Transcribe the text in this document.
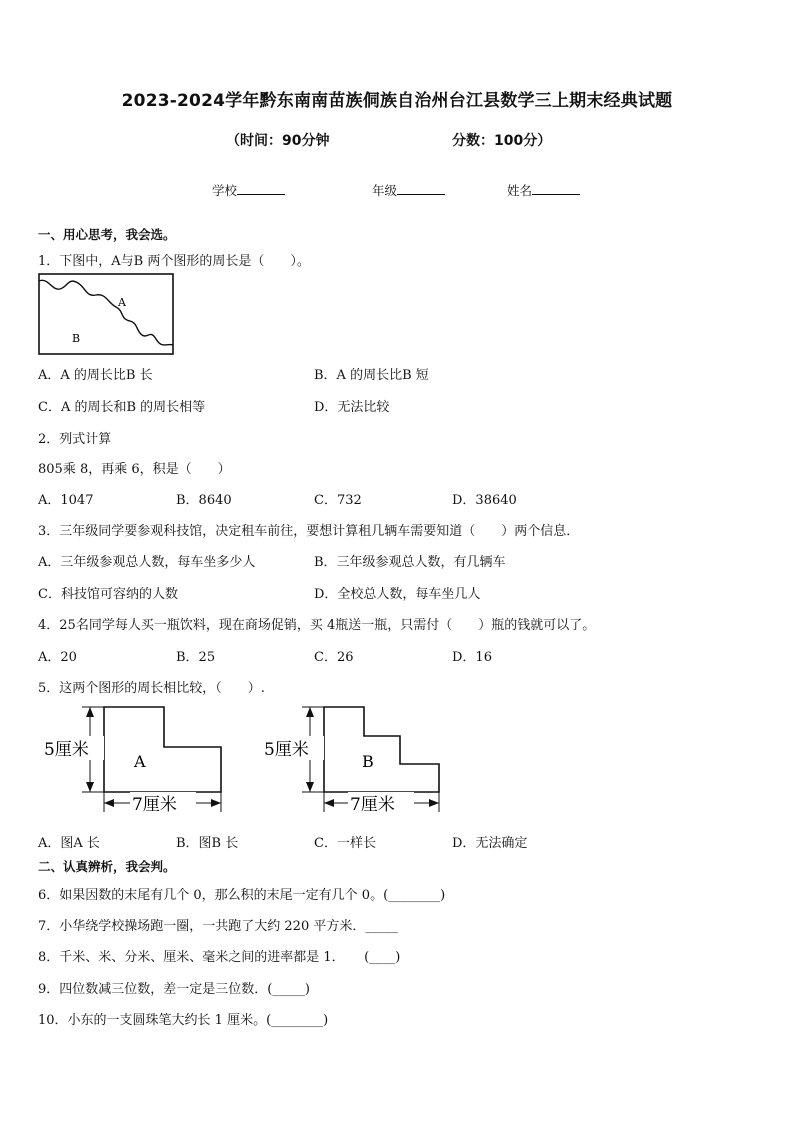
2023-2024学年黔东南南苗族侗族自治州台江县数学三上期末经典试题
（时间：90分钟	分数：100分）
学校	年级	姓名
一、用心思考，我会选。
1．下图中，A与B 两个图形的周长是（　　）。
A
B
A．A 的周长比B 长	B．A 的周长比B 短
C．A 的周长和B 的周长相等	D．无法比较
2．列式计算
805乘 8，再乘 6，积是（　　）
A．1047	B．8640	C．732	D．38640
3．三年级同学要参观科技馆，决定租车前往，要想计算租几辆车需要知道（　　）两个信息．
A．三年级参观总人数，每车坐多少人	B．三年级参观总人数，有几辆车
C．科技馆可容纳的人数	D．全校总人数，每车坐几人
4．25名同学每人买一瓶饮料，现在商场促销，买 4瓶送一瓶，只需付（　　）瓶的钱就可以了。
A．20	B．25	C．26	D．16
5．这两个图形的周长相比较，（　　）.
5厘米
7厘米
A
5厘米
7厘米
B
A．图A 长	B．图B 长	C．一样长	D．无法确定
二、认真辨析，我会判。
6．如果因数的末尾有几个 0，那么积的末尾一定有几个 0。(________)
7．小华绕学校操场跑一圈，一共跑了大约 220 平方米．_____
8．千米、米、分米、厘米、毫米之间的进率都是 1．　　(____)
9．四位数减三位数，差一定是三位数．(_____)
10．小东的一支圆珠笔大约长 1 厘米。(________)
